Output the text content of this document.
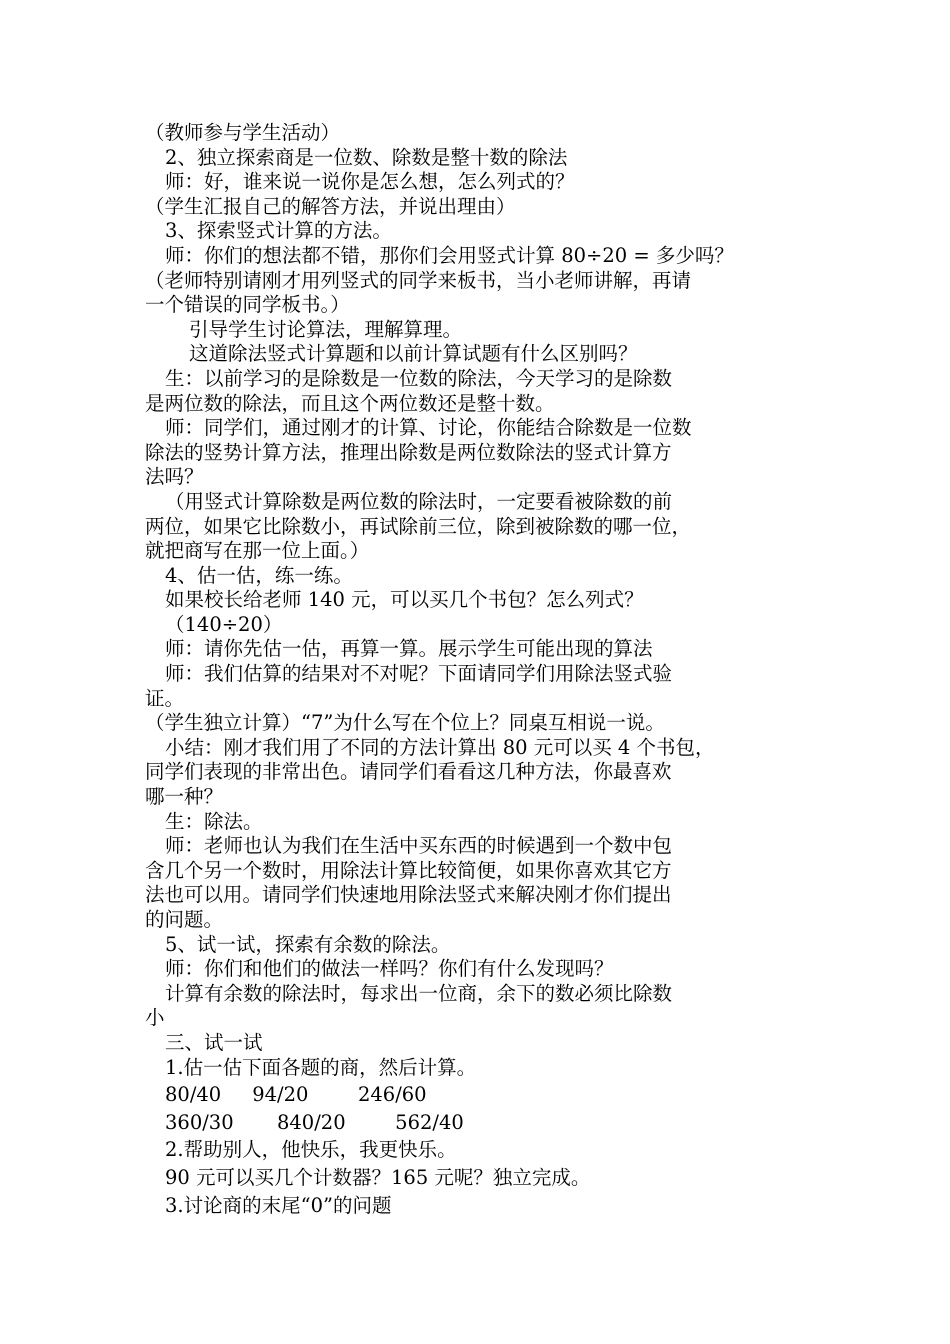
（教师参与学生活动）

2、独立探索商是一位数、除数是整十数的除法

师：好，谁来说一说你是怎么想，怎么列式的？

（学生汇报自己的解答方法，并说出理由）

3、探索竖式计算的方法。

师：你们的想法都不错，那你们会用竖式计算 80÷20 = 多少吗？

（老师特别请刚才用列竖式的同学来板书，当小老师讲解，再请

一个错误的同学板书。）

引导学生讨论算法，理解算理。

这道除法竖式计算题和以前计算试题有什么区别吗？

生：以前学习的是除数是一位数的除法，今天学习的是除数

是两位数的除法，而且这个两位数还是整十数。

师：同学们，通过刚才的计算、讨论，你能结合除数是一位数

除法的竖势计算方法，推理出除数是两位数除法的竖式计算方

法吗？

（用竖式计算除数是两位数的除法时，一定要看被除数的前

两位，如果它比除数小，再试除前三位，除到被除数的哪一位，

就把商写在那一位上面。）

4、估一估，练一练。

如果校长给老师 140 元，可以买几个书包？怎么列式？

（140÷20）

师：请你先估一估，再算一算。展示学生可能出现的算法

师：我们估算的结果对不对呢？下面请同学们用除法竖式验

证。

（学生独立计算）“7”为什么写在个位上？同桌互相说一说。

小结：刚才我们用了不同的方法计算出 80 元可以买 4 个书包，

同学们表现的非常出色。请同学们看看这几种方法，你最喜欢

哪一种？

生：除法。

师：老师也认为我们在生活中买东西的时候遇到一个数中包

含几个另一个数时，用除法计算比较简便，如果你喜欢其它方

法也可以用。请同学们快速地用除法竖式来解决刚才你们提出

的问题。

5、试一试，探索有余数的除法。

师：你们和他们的做法一样吗？你们有什么发现吗？

计算有余数的除法时，每求出一位商，余下的数必须比除数

小

三、试一试

1.估一估下面各题的商，然后计算。

80/40     94/20        246/60

360/30       840/20        562/40

2.帮助别人，他快乐，我更快乐。

90 元可以买几个计数器？165 元呢？独立完成。

3.讨论商的末尾“0”的问题
